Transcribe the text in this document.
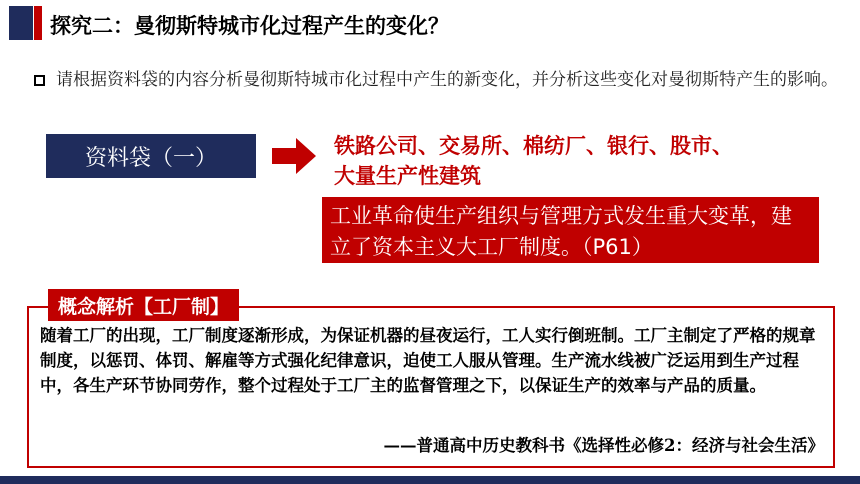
探究二：曼彻斯特城市化过程产生的变化？
请根据资料袋的内容分析曼彻斯特城市化过程中产生的新变化，并分析这些变化对曼彻斯特产生的影响。
资料袋（一）	铁路公司、交易所、棉纺厂、银行、股市、
大量生产性建筑
工业革命使生产组织与管理方式发生重大变革，建立了资本主义大工厂制度。（P61）
概念解析【工厂制】
随着工厂的出现，工厂制度逐渐形成，为保证机器的昼夜运行，工人实行倒班制。工厂主制定了严格的规章制度，以惩罚、体罚、解雇等方式强化纪律意识，迫使工人服从管理。生产流水线被广泛运用到生产过程中，各生产环节协同劳作，整个过程处于工厂主的监督管理之下，以保证生产的效率与产品的质量。
——普通高中历史教科书《选择性必修2：经济与社会生活》
